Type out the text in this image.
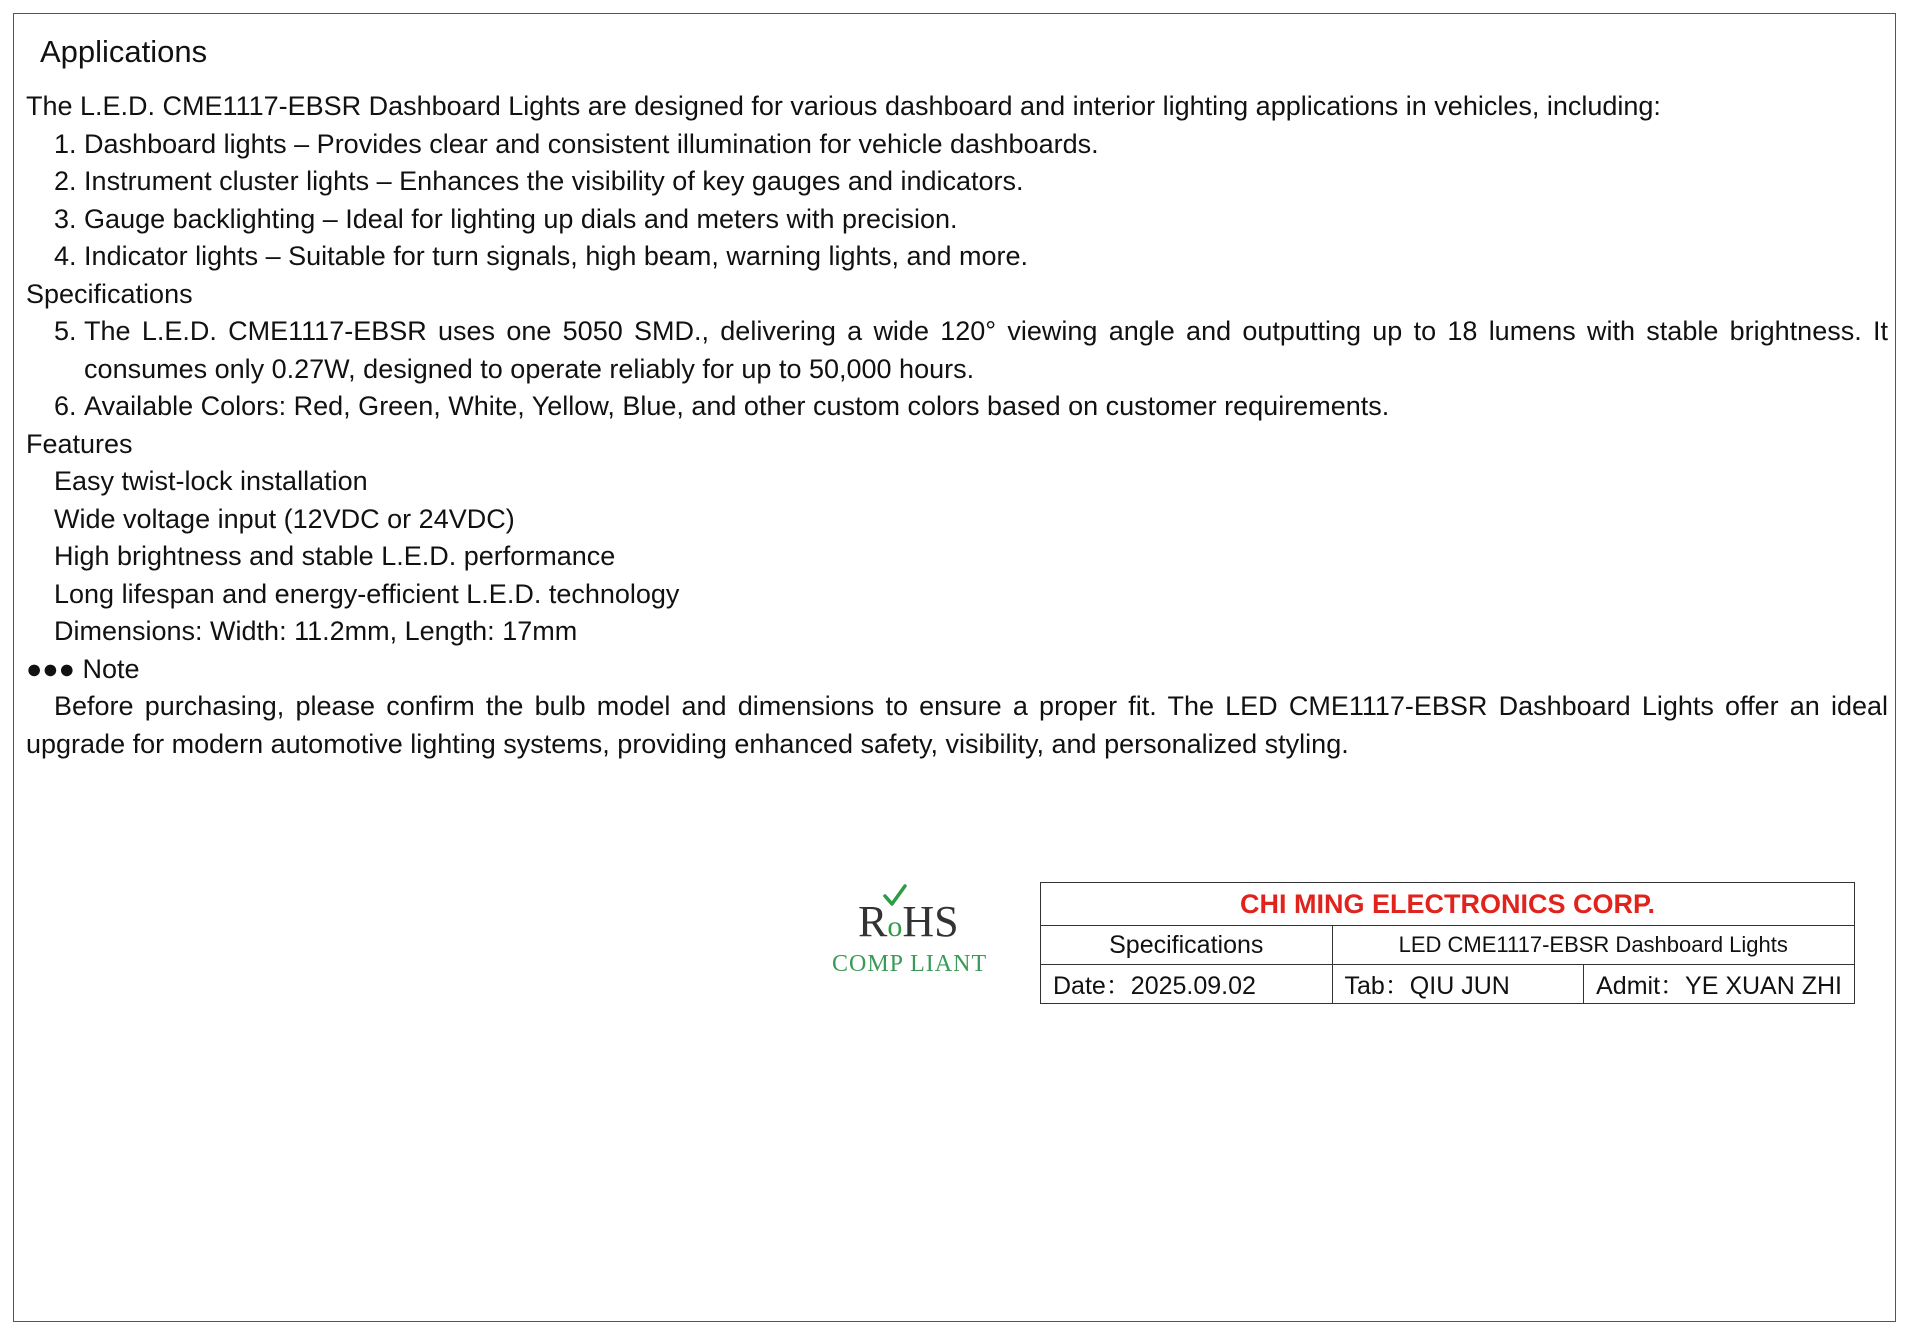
Applications
The L.E.D. CME1117-EBSR Dashboard Lights are designed for various dashboard and interior lighting applications in vehicles, including:
1.
Dashboard lights – Provides clear and consistent illumination for vehicle dashboards.
2.
Instrument cluster lights – Enhances the visibility of key gauges and indicators.
3.
Gauge backlighting – Ideal for lighting up dials and meters with precision.
4.
Indicator lights – Suitable for turn signals, high beam, warning lights, and more.
Specifications
5.
The L.E.D. CME1117-EBSR uses one 5050 SMD., delivering a wide 120° viewing angle and outputting up to 18 lumens with stable brightness. It consumes only 0.27W, designed to operate reliably for up to 50,000 hours.
6.
Available Colors: Red, Green, White, Yellow, Blue, and other custom colors based on customer requirements.
Features
Easy twist-lock installation
Wide voltage input (12VDC or 24VDC)
High brightness and stable L.E.D. performance
Long lifespan and energy-efficient L.E.D. technology
Dimensions: Width: 11.2mm, Length: 17mm
●●● Note
Before purchasing, please confirm the bulb model and dimensions to ensure a proper fit. The LED CME1117-EBSR Dashboard Lights offer an ideal upgrade for modern automotive lighting systems, providing enhanced safety, visibility, and personalized styling.
RoHS
COMP LIANT
CHI MING ELECTRONICS CORP.		
Specifications	LED CME1117-EBSR Dashboard Lights	
Date：2025.09.02	Tab：QIU JUN	Admit：YE XUAN ZHI
